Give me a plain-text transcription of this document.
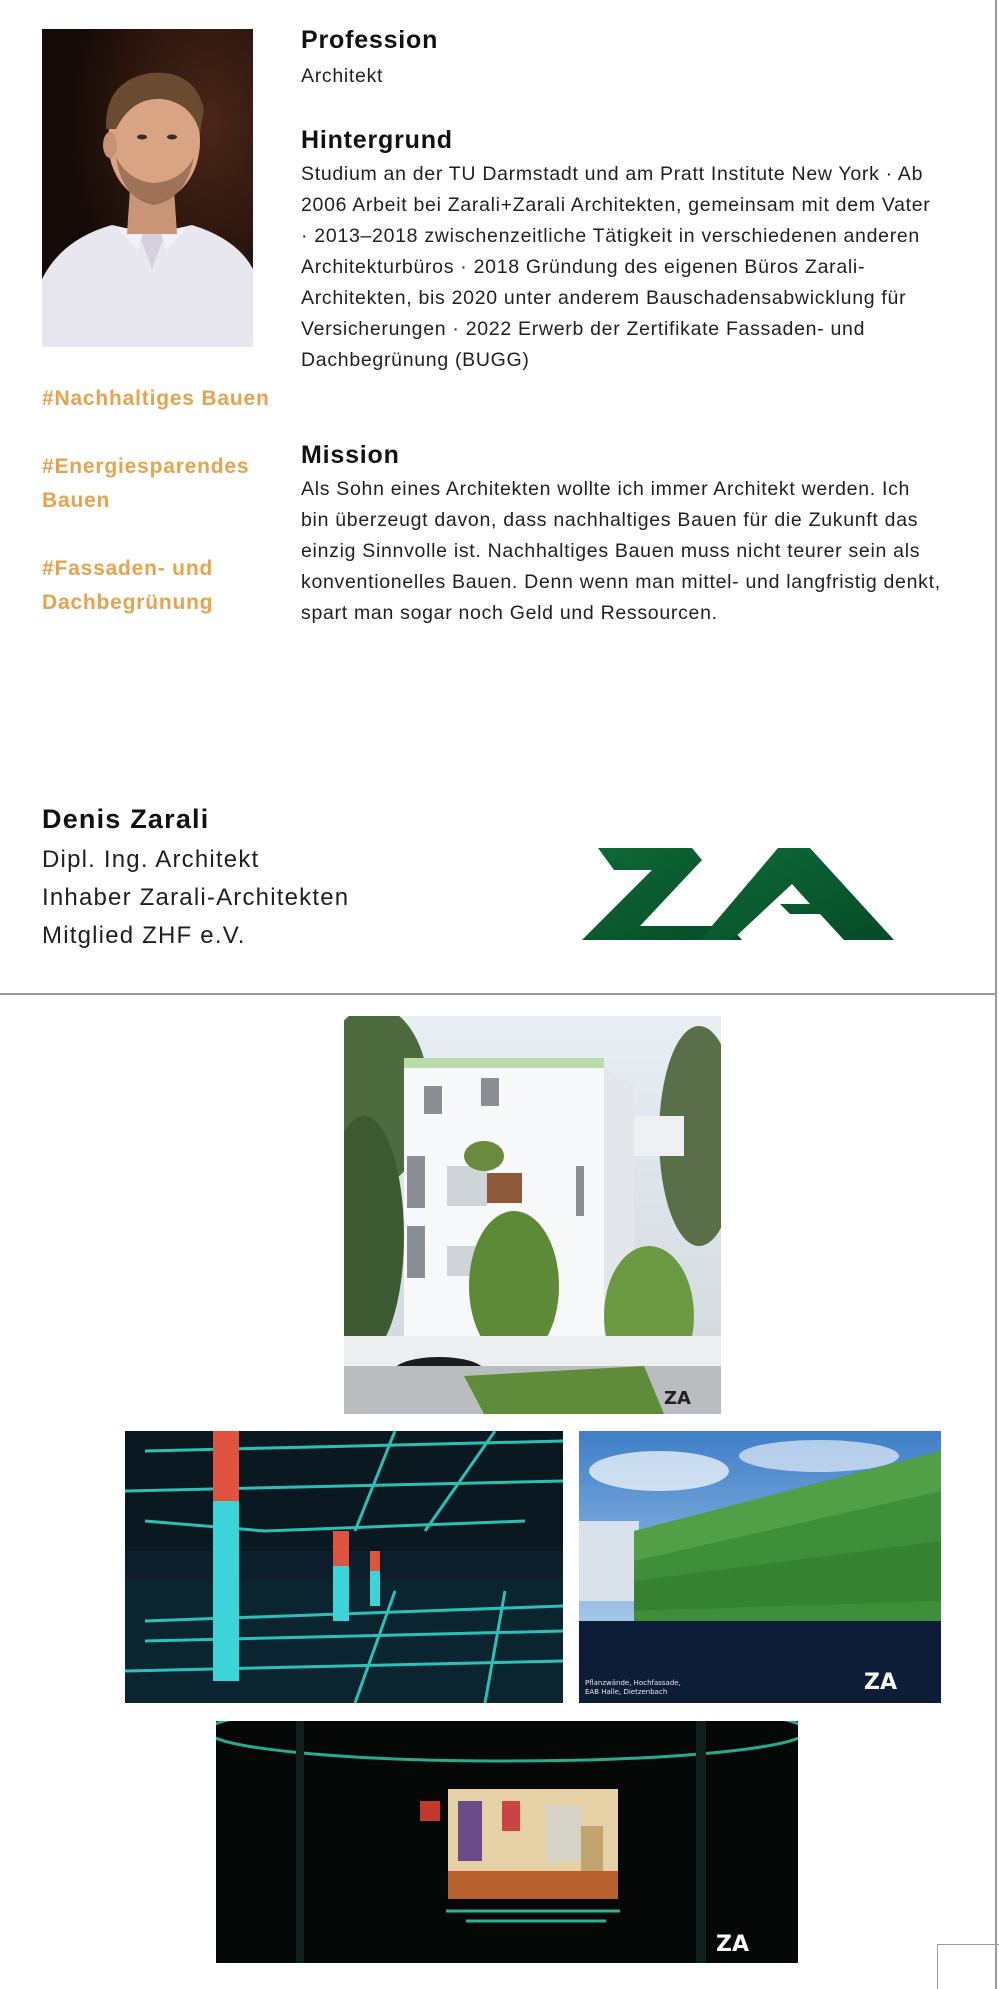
#Nachhaltiges Bauen
#Energiesparendes Bauen
#Fassaden- und Dachbegrünung
Profession
Architekt
Hintergrund
Studium an der TU Darmstadt und am Pratt Institute New York · Ab 2006 Arbeit bei Zarali+Zarali Architekten, gemeinsam mit dem Vater · 2013–2018 zwischenzeitliche Tätigkeit in verschiedenen anderen Architekturbüros · 2018 Gründung des eigenen Büros Zarali-Architekten, bis 2020 unter anderem Bauschadensabwicklung für Versicherungen · 2022 Erwerb der Zertifikate Fassaden- und Dachbegrünung (BUGG)
Mission
Als Sohn eines Architekten wollte ich immer Architekt werden. Ich bin überzeugt davon, dass nachhaltiges Bauen für die Zukunft das einzig Sinnvolle ist. Nachhaltiges Bauen muss nicht teurer sein als konventionelles Bauen. Denn wenn man mittel- und langfristig denkt, spart man sogar noch Geld und Ressourcen.
Denis Zarali
Dipl. Ing. Architekt
Inhaber Zarali-Architekten
Mitglied ZHF e.V.
ZA
ZA
Pflanzwände, Hochfassade, EAB Halle, Dietzenbach
ZA
